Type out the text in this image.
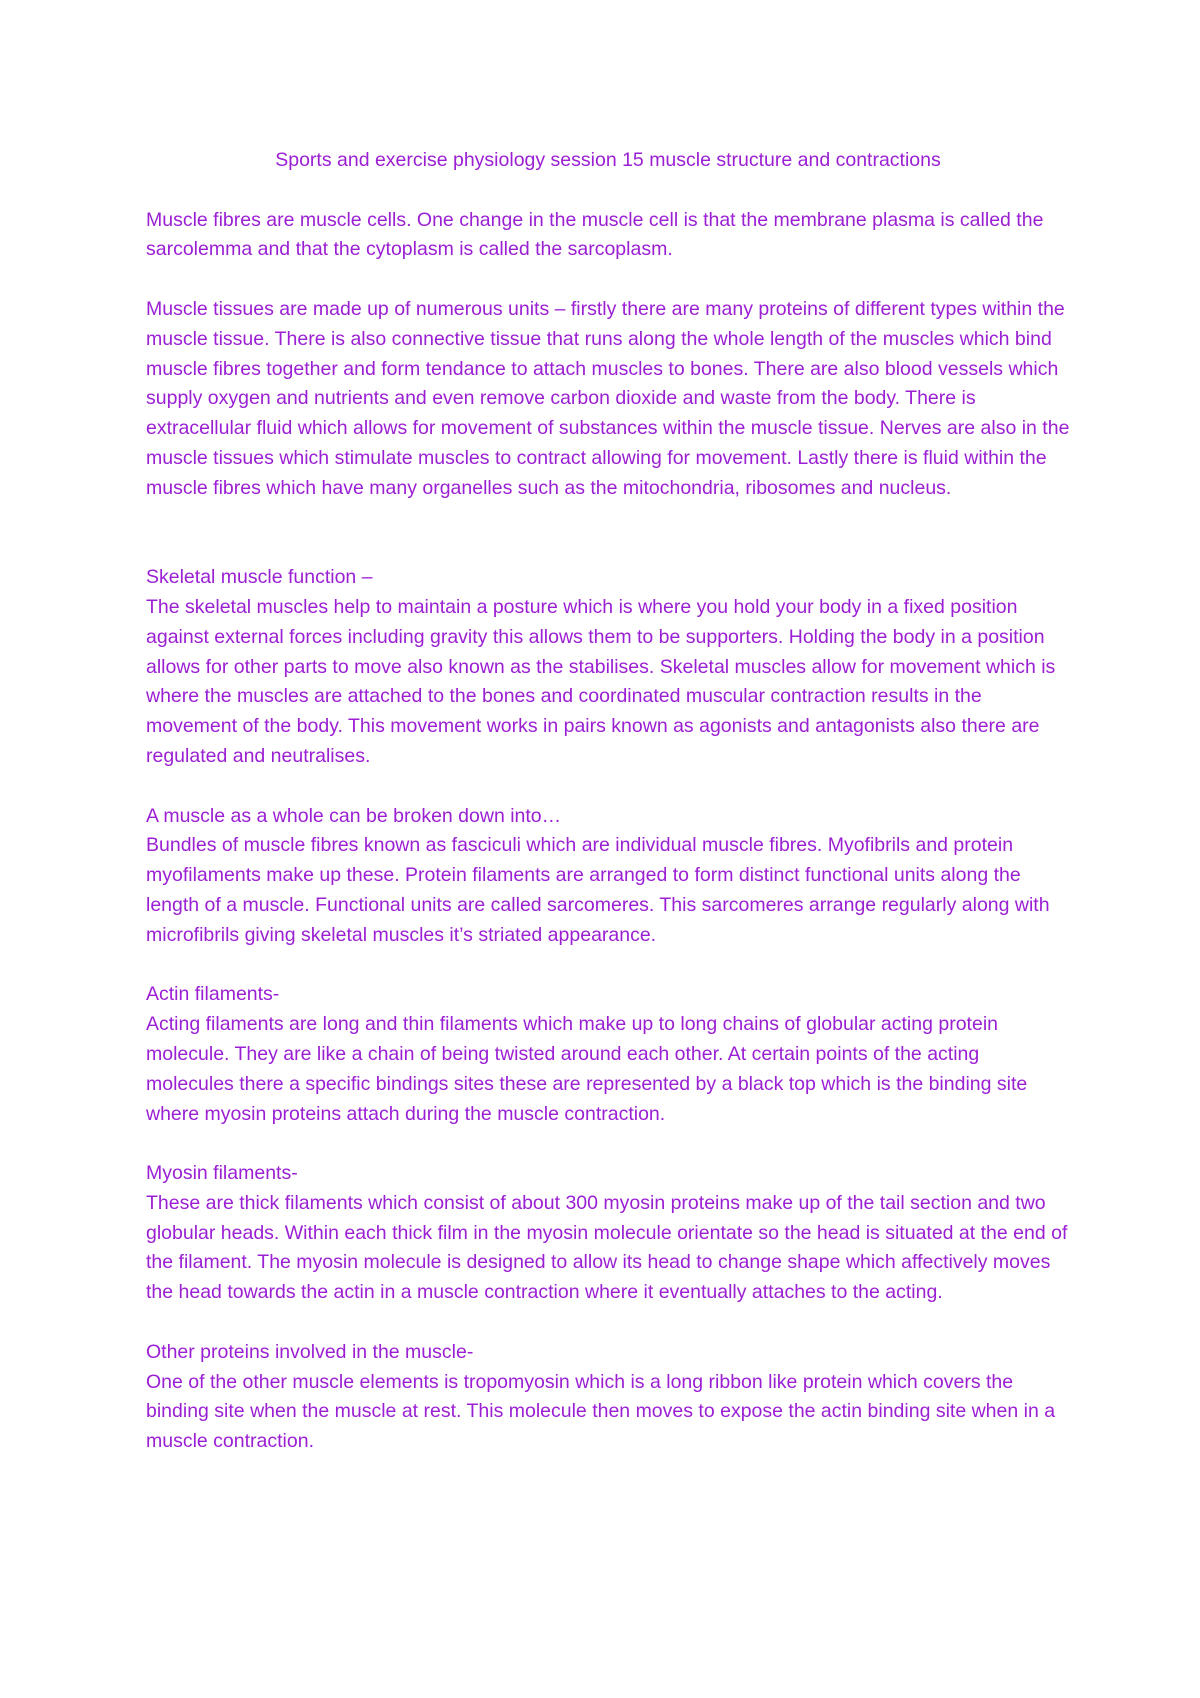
Sports and exercise physiology session 15 muscle structure and contractions
Muscle fibres are muscle cells. One change in the muscle cell is that the membrane plasma is called the sarcolemma and that the cytoplasm is called the sarcoplasm.
Muscle tissues are made up of numerous units – firstly there are many proteins of different types within the muscle tissue. There is also connective tissue that runs along the whole length of the muscles which bind muscle fibres together and form tendance to attach muscles to bones. There are also blood vessels which supply oxygen and nutrients and even remove carbon dioxide and waste from the body. There is extracellular fluid which allows for movement of substances within the muscle tissue. Nerves are also in the muscle tissues which stimulate muscles to contract allowing for movement. Lastly there is fluid within the muscle fibres which have many organelles such as the mitochondria, ribosomes and nucleus.
Skeletal muscle function –
The skeletal muscles help to maintain a posture which is where you hold your body in a fixed position against external forces including gravity this allows them to be supporters. Holding the body in a position allows for other parts to move also known as the stabilises. Skeletal muscles allow for movement which is where the muscles are attached to the bones and coordinated muscular contraction results in the movement of the body. This movement works in pairs known as agonists and antagonists also there are regulated and neutralises.
A muscle as a whole can be broken down into…
Bundles of muscle fibres known as fasciculi which are individual muscle fibres. Myofibrils and protein myofilaments make up these. Protein filaments are arranged to form distinct functional units along the length of a muscle. Functional units are called sarcomeres. This sarcomeres arrange regularly along with microfibrils giving skeletal muscles it’s striated appearance.
Actin filaments-
Acting filaments are long and thin filaments which make up to long chains of globular acting protein molecule. They are like a chain of being twisted around each other. At certain points of the acting molecules there a specific bindings sites these are represented by a black top which is the binding site where myosin proteins attach during the muscle contraction.
Myosin filaments-
These are thick filaments which consist of about 300 myosin proteins make up of the tail section and two globular heads. Within each thick film in the myosin molecule orientate so the head is situated at the end of the filament. The myosin molecule is designed to allow its head to change shape which affectively moves the head towards the actin in a muscle contraction where it eventually attaches to the acting.
Other proteins involved in the muscle-
One of the other muscle elements is tropomyosin which is a long ribbon like protein which covers the binding site when the muscle at rest. This molecule then moves to expose the actin binding site when in a muscle contraction.
